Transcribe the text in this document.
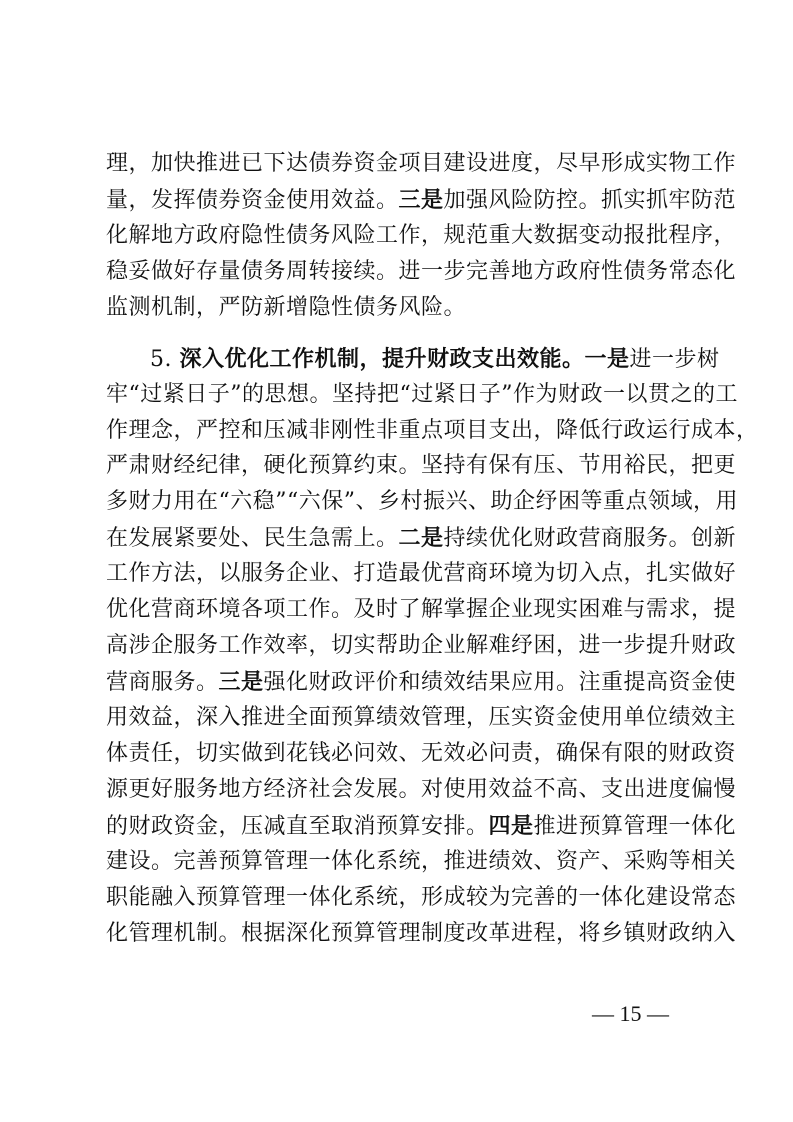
理，加快推进已下达债券资金项目建设进度，尽早形成实物工作
量，发挥债券资金使用效益。三是加强风险防控。抓实抓牢防范
化解地方政府隐性债务风险工作，规范重大数据变动报批程序，
稳妥做好存量债务周转接续。进一步完善地方政府性债务常态化
监测机制，严防新增隐性债务风险。
5. 深入优化工作机制，提升财政支出效能。一是进一步树
牢“过紧日子”的思想。坚持把“过紧日子”作为财政一以贯之的工
作理念，严控和压减非刚性非重点项目支出，降低行政运行成本，
严肃财经纪律，硬化预算约束。坚持有保有压、节用裕民，把更
多财力用在“六稳”“六保”、乡村振兴、助企纾困等重点领域，用
在发展紧要处、民生急需上。二是持续优化财政营商服务。创新
工作方法，以服务企业、打造最优营商环境为切入点，扎实做好
优化营商环境各项工作。及时了解掌握企业现实困难与需求，提
高涉企服务工作效率，切实帮助企业解难纾困，进一步提升财政
营商服务。三是强化财政评价和绩效结果应用。注重提高资金使
用效益，深入推进全面预算绩效管理，压实资金使用单位绩效主
体责任，切实做到花钱必问效、无效必问责，确保有限的财政资
源更好服务地方经济社会发展。对使用效益不高、支出进度偏慢
的财政资金，压减直至取消预算安排。四是推进预算管理一体化
建设。完善预算管理一体化系统，推进绩效、资产、采购等相关
职能融入预算管理一体化系统，形成较为完善的一体化建设常态
化管理机制。根据深化预算管理制度改革进程，将乡镇财政纳入
— 15 —
